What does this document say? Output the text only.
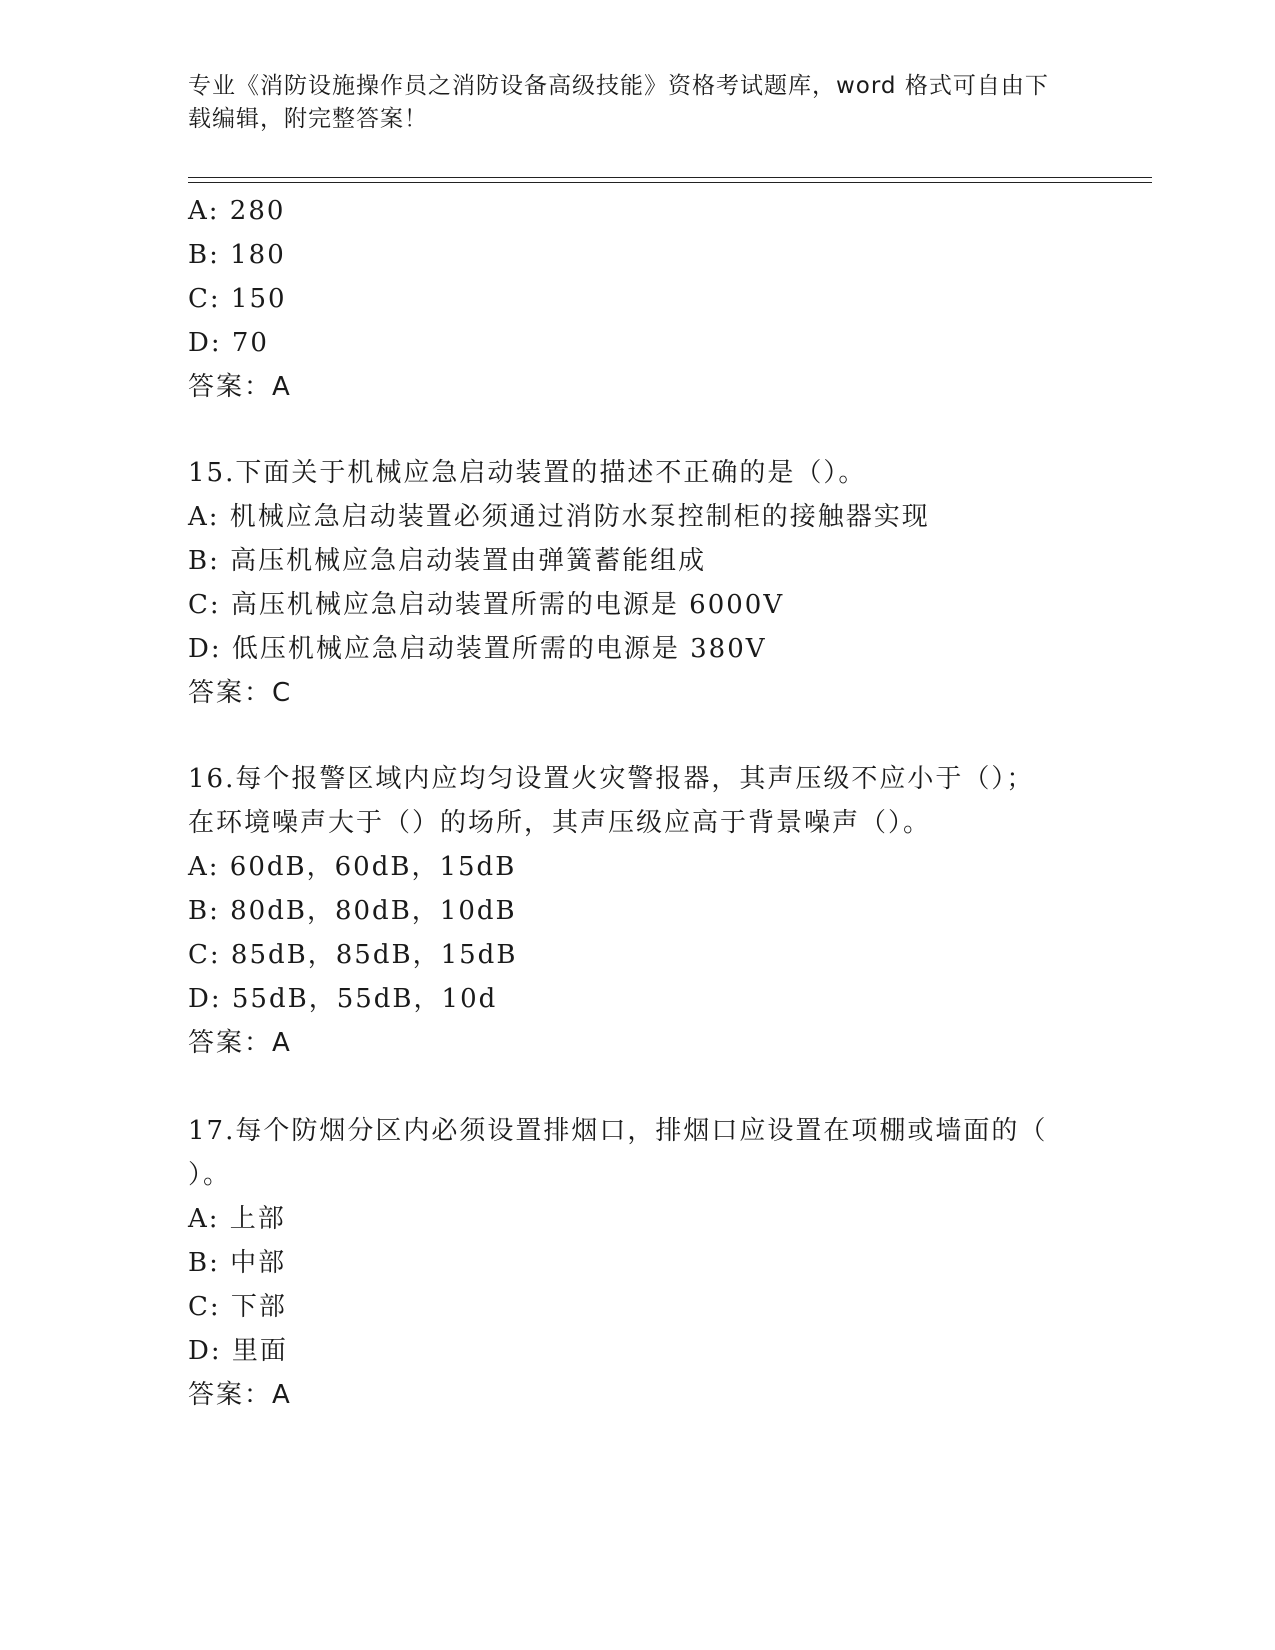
专业《消防设施操作员之消防设备高级技能》资格考试题库，word 格式可自由下
载编辑，附完整答案！
A: 280
B: 180
C: 150
D: 70
答案：A
15.下面关于机械应急启动装置的描述不正确的是（）。
A: 机械应急启动装置必须通过消防水泵控制柜的接触器实现
B: 高压机械应急启动装置由弹簧蓄能组成
C: 高压机械应急启动装置所需的电源是 6000V
D: 低压机械应急启动装置所需的电源是 380V
答案：C
16.每个报警区域内应均匀设置火灾警报器，其声压级不应小于（）；
在环境噪声大于（）的场所，其声压级应高于背景噪声（）。
A: 60dB，60dB，15dB
B: 80dB，80dB，10dB
C: 85dB，85dB，15dB
D: 55dB，55dB，10d
答案：A
17.每个防烟分区内必须设置排烟口，排烟口应设置在项棚或墙面的（
）。
A: 上部
B: 中部
C: 下部
D: 里面
答案：A
